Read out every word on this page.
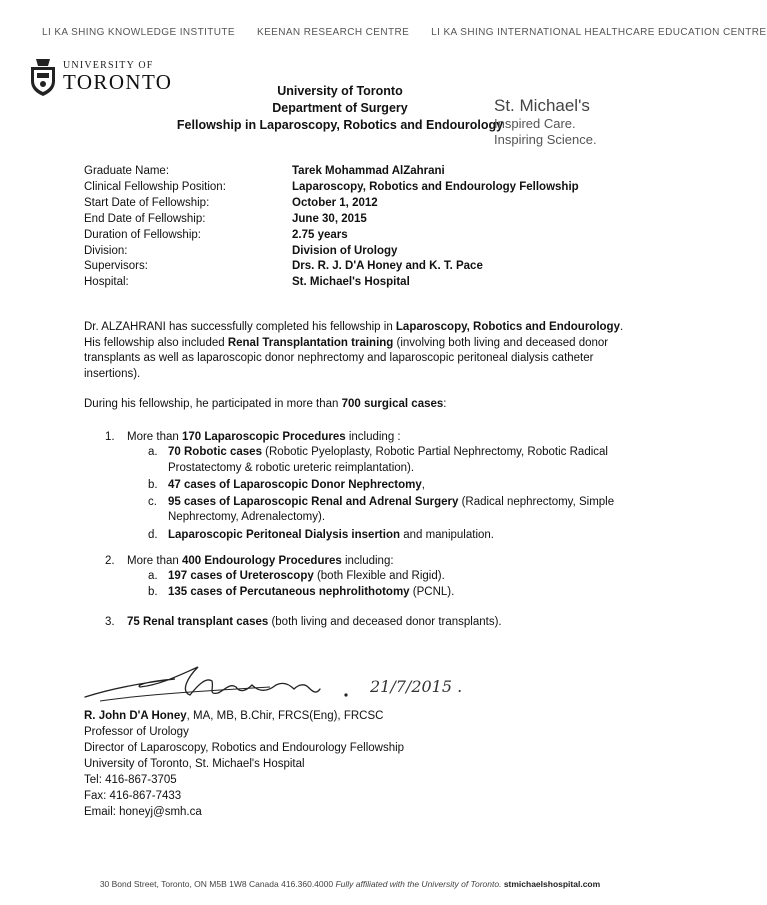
LI KA SHING KNOWLEDGE INSTITUTE KEENAN RESEARCH CENTRE LI KA SHING INTERNATIONAL HEALTHCARE EDUCATION CENTRE
UNIVERSITY OF
TORONTO	University of Toronto
Department of Surgery
Fellowship in Laparoscopy, Robotics and Endourology
St. Michael's
Inspired Care.
Inspiring Science.
Graduate Name:	Tarek Mohammad AlZahrani
Clinical Fellowship Position:	Laparoscopy, Robotics and Endourology Fellowship
Start Date of Fellowship:	October 1, 2012
End Date of Fellowship:	June 30, 2015
Duration of Fellowship:	2.75 years
Division:	Division of Urology
Supervisors:	Drs. R. J. D'A Honey and K. T. Pace
Hospital:	St. Michael's Hospital
Dr. ALZAHRANI has successfully completed his fellowship in Laparoscopy, Robotics and Endourology. His fellowship also included Renal Transplantation training (involving both living and deceased donor transplants as well as laparoscopic donor nephrectomy and laparoscopic peritoneal dialysis catheter insertions).
During his fellowship, he participated in more than 700 surgical cases:
1. More than 170 Laparoscopic Procedures including :
a. 70 Robotic cases (Robotic Pyeloplasty, Robotic Partial Nephrectomy, Robotic Radical Prostatectomy & robotic ureteric reimplantation).
b. 47 cases of Laparoscopic Donor Nephrectomy,
c. 95 cases of Laparoscopic Renal and Adrenal Surgery (Radical nephrectomy, Simple Nephrectomy, Adrenalectomy).
d. Laparoscopic Peritoneal Dialysis insertion and manipulation.
2. More than 400 Endourology Procedures including:
a. 197 cases of Ureteroscopy (both Flexible and Rigid).
b. 135 cases of Percutaneous nephrolithotomy (PCNL).
3. 75 Renal transplant cases (both living and deceased donor transplants).
21/7/2015 .
R. John D'A Honey, MA, MB, B.Chir, FRCS(Eng), FRCSC
Professor of Urology
Director of Laparoscopy, Robotics and Endourology Fellowship
University of Toronto, St. Michael's Hospital
Tel: 416-867-3705
Fax: 416-867-7433
Email: honeyj@smh.ca
30 Bond Street, Toronto, ON M5B 1W8 Canada 416.360.4000 Fully affiliated with the University of Toronto. stmichaelshospital.com
